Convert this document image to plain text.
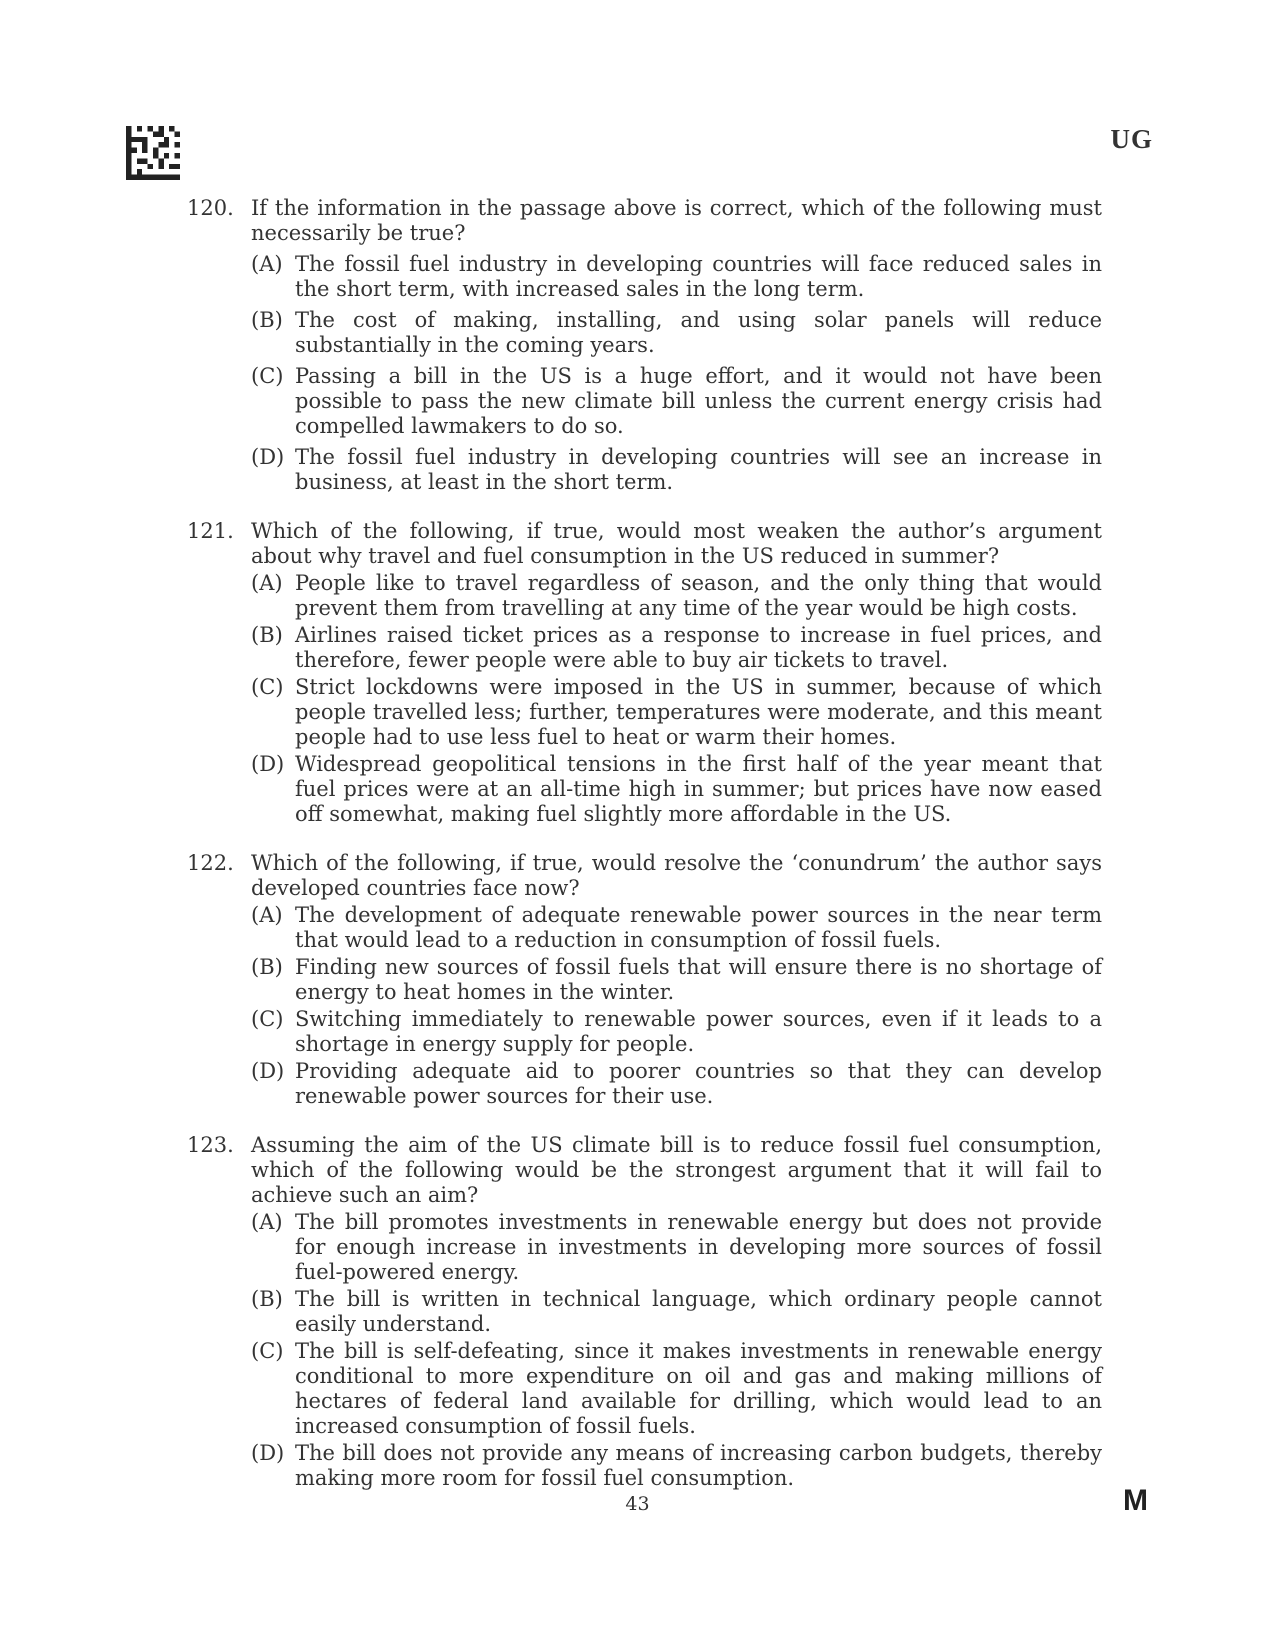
UG
120. If the information in the passage above is correct, which of the following must necessarily be true?
(A) The fossil fuel industry in developing countries will face reduced sales in the short term, with increased sales in the long term.
(B) The cost of making, installing, and using solar panels will reduce substantially in the coming years.
(C) Passing a bill in the US is a huge effort, and it would not have been possible to pass the new climate bill unless the current energy crisis had compelled lawmakers to do so.
(D) The fossil fuel industry in developing countries will see an increase in business, at least in the short term.
121. Which of the following, if true, would most weaken the author’s argument about why travel and fuel consumption in the US reduced in summer?
(A) People like to travel regardless of season, and the only thing that would prevent them from travelling at any time of the year would be high costs.
(B) Airlines raised ticket prices as a response to increase in fuel prices, and therefore, fewer people were able to buy air tickets to travel.
(C) Strict lockdowns were imposed in the US in summer, because of which people travelled less; further, temperatures were moderate, and this meant people had to use less fuel to heat or warm their homes.
(D) Widespread geopolitical tensions in the first half of the year meant that fuel prices were at an all-time high in summer; but prices have now eased off somewhat, making fuel slightly more affordable in the US.
122. Which of the following, if true, would resolve the ‘conundrum’ the author says developed countries face now?
(A) The development of adequate renewable power sources in the near term that would lead to a reduction in consumption of fossil fuels.
(B) Finding new sources of fossil fuels that will ensure there is no shortage of energy to heat homes in the winter.
(C) Switching immediately to renewable power sources, even if it leads to a shortage in energy supply for people.
(D) Providing adequate aid to poorer countries so that they can develop renewable power sources for their use.
123. Assuming the aim of the US climate bill is to reduce fossil fuel consumption, which of the following would be the strongest argument that it will fail to achieve such an aim?
(A) The bill promotes investments in renewable energy but does not provide for enough increase in investments in developing more sources of fossil fuel-powered energy.
(B) The bill is written in technical language, which ordinary people cannot easily understand.
(C) The bill is self-defeating, since it makes investments in renewable energy conditional to more expenditure on oil and gas and making millions of hectares of federal land available for drilling, which would lead to an increased consumption of fossil fuels.
(D) The bill does not provide any means of increasing carbon budgets, thereby making more room for fossil fuel consumption.
43	M
